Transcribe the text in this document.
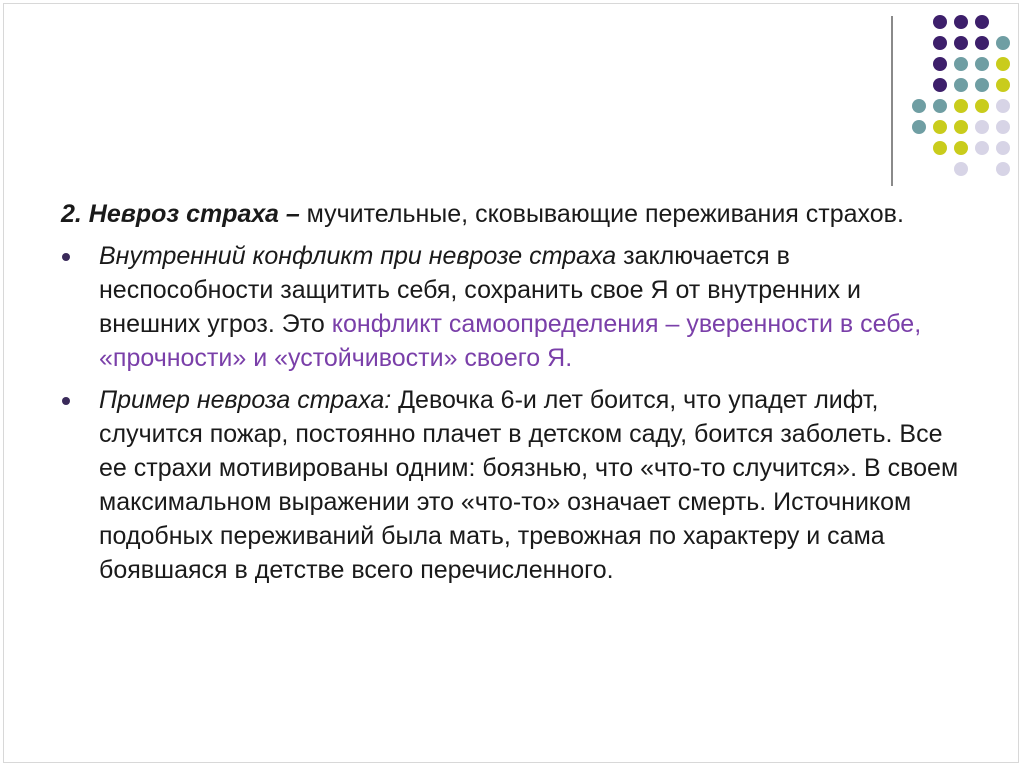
2. Невроз страха – мучительные, сковывающие переживания страхов.

Внутренний конфликт при неврозе страха заключается в неспособности защитить себя, сохранить свое Я от внутренних и внешних угроз. Это конфликт самоопределения – уверенности в себе, «прочности» и «устойчивости» своего Я.
Пример невроза страха: Девочка 6-и лет боится, что упадет лифт, случится пожар, постоянно плачет в детском саду, боится заболеть. Все ее страхи мотивированы одним: боязнью, что «что-то случится». В своем максимальном выражении это «что-то» означает смерть. Источником подобных переживаний была мать, тревожная по характеру и сама боявшаяся в детстве всего перечисленного.
